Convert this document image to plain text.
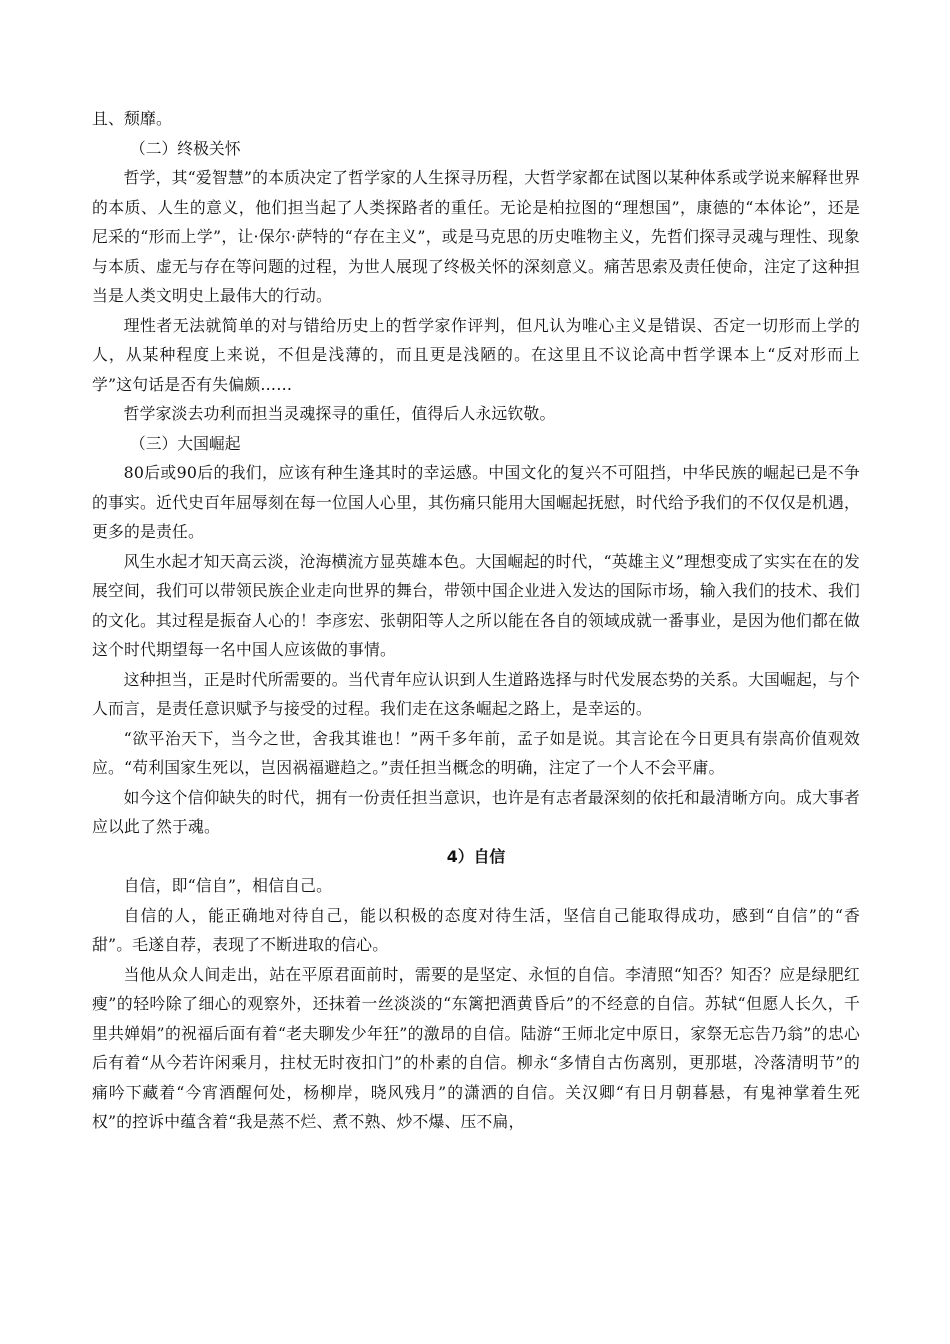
且、颓靡。

（二）终极关怀

哲学，其“爱智慧”的本质决定了哲学家的人生探寻历程，大哲学家都在试图以某种体系或学说来解释世界的本质、人生的意义，他们担当起了人类探路者的重任。无论是柏拉图的“理想国”，康德的“本体论”，还是尼采的“形而上学”，让·保尔·萨特的“存在主义”，或是马克思的历史唯物主义，先哲们探寻灵魂与理性、现象与本质、虚无与存在等问题的过程，为世人展现了终极关怀的深刻意义。痛苦思索及责任使命，注定了这种担当是人类文明史上最伟大的行动。

理性者无法就简单的对与错给历史上的哲学家作评判，但凡认为唯心主义是错误、否定一切形而上学的人，从某种程度上来说，不但是浅薄的，而且更是浅陋的。在这里且不议论高中哲学课本上“反对形而上学”这句话是否有失偏颇……

哲学家淡去功利而担当灵魂探寻的重任，值得后人永远钦敬。

（三）大国崛起

80后或90后的我们，应该有种生逢其时的幸运感。中国文化的复兴不可阻挡，中华民族的崛起已是不争的事实。近代史百年屈辱刻在每一位国人心里，其伤痛只能用大国崛起抚慰，时代给予我们的不仅仅是机遇，更多的是责任。

风生水起才知天高云淡，沧海横流方显英雄本色。大国崛起的时代，“英雄主义”理想变成了实实在在的发展空间，我们可以带领民族企业走向世界的舞台，带领中国企业进入发达的国际市场，输入我们的技术、我们的文化。其过程是振奋人心的！李彦宏、张朝阳等人之所以能在各自的领域成就一番事业，是因为他们都在做这个时代期望每一名中国人应该做的事情。

这种担当，正是时代所需要的。当代青年应认识到人生道路选择与时代发展态势的关系。大国崛起，与个人而言，是责任意识赋予与接受的过程。我们走在这条崛起之路上，是幸运的。

“欲平治天下，当今之世，舍我其谁也！”两千多年前，孟子如是说。其言论在今日更具有崇高价值观效应。“苟利国家生死以，岂因祸福避趋之。”责任担当概念的明确，注定了一个人不会平庸。

如今这个信仰缺失的时代，拥有一份责任担当意识，也许是有志者最深刻的依托和最清晰方向。成大事者应以此了然于魂。

4）自信

自信，即“信自”，相信自己。

自信的人，能正确地对待自己，能以积极的态度对待生活，坚信自己能取得成功，感到“自信”的“香甜”。毛遂自荐，表现了不断进取的信心。

当他从众人间走出，站在平原君面前时，需要的是坚定、永恒的自信。李清照“知否？知否？应是绿肥红瘦”的轻吟除了细心的观察外，还抹着一丝淡淡的“东篱把酒黄昏后”的不经意的自信。苏轼“但愿人长久，千里共婵娟”的祝福后面有着“老夫聊发少年狂”的激昂的自信。陆游“王师北定中原日，家祭无忘告乃翁”的忠心后有着“从今若许闲乘月，拄杖无时夜扣门”的朴素的自信。柳永“多情自古伤离别，更那堪，冷落清明节”的痛吟下藏着“今宵酒醒何处，杨柳岸，晓风残月”的潇洒的自信。关汉卿“有日月朝暮悬，有鬼神掌着生死权”的控诉中蕴含着“我是蒸不烂、煮不熟、炒不爆、压不扁，
